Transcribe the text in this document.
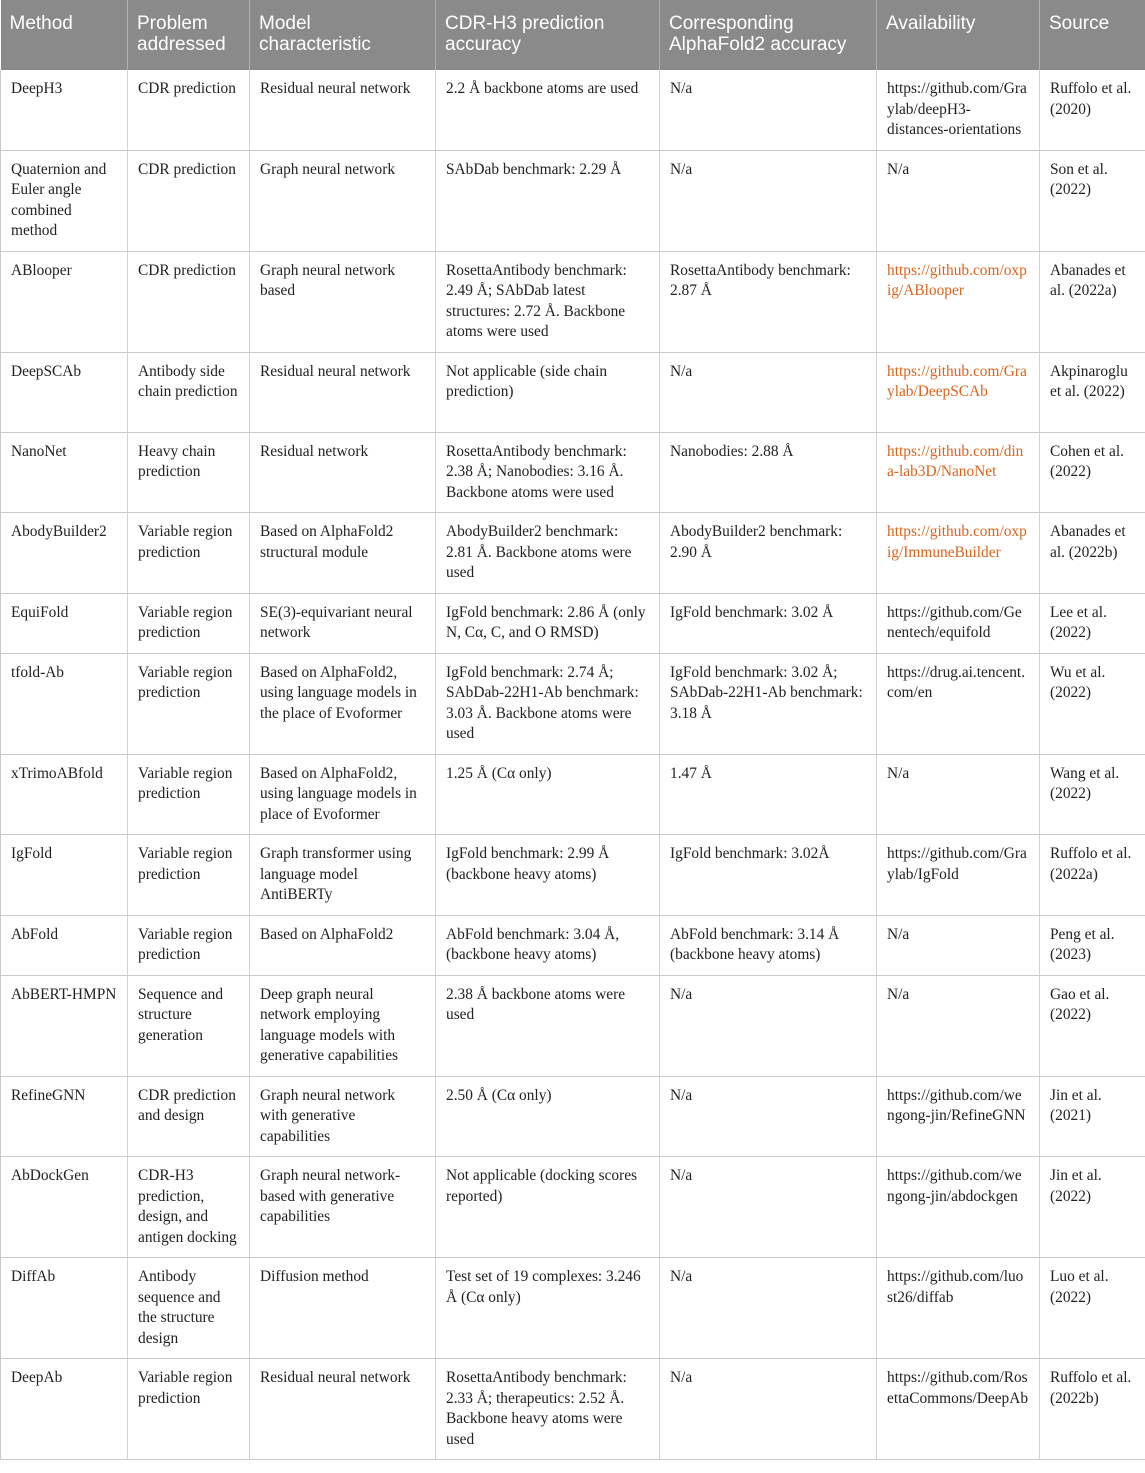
Method	Problem addressed	Model characteristic	CDR-H3 prediction accuracy	Corresponding AlphaFold2 accuracy	Availability	Source
DeepH3	CDR prediction	Residual neural network	2.2 Å backbone atoms are used	N/a	https://github.com/Graylab/deepH3-distances-orientations	Ruffolo et al. (2020)
Quaternion and Euler angle combined method	CDR prediction	Graph neural network	SAbDab benchmark: 2.29 Å	N/a	N/a	Son et al. (2022)
ABlooper	CDR prediction	Graph neural network based	RosettaAntibody benchmark: 2.49 Å; SAbDab latest structures: 2.72 Å. Backbone atoms were used	RosettaAntibody benchmark: 2.87 Å	https://github.com/oxpig/ABlooper	Abanades et al. (2022a)
DeepSCAb	Antibody side chain prediction	Residual neural network	Not applicable (side chain prediction)	N/a	https://github.com/Graylab/DeepSCAb	Akpinaroglu et al. (2022)
NanoNet	Heavy chain prediction	Residual network	RosettaAntibody benchmark: 2.38 Å; Nanobodies: 3.16 Å. Backbone atoms were used	Nanobodies: 2.88 Å	https://github.com/dina-lab3D/NanoNet	Cohen et al. (2022)
AbodyBuilder2	Variable region prediction	Based on AlphaFold2 structural module	AbodyBuilder2 benchmark: 2.81 Å. Backbone atoms were used	AbodyBuilder2 benchmark: 2.90 Å	https://github.com/oxpig/ImmuneBuilder	Abanades et al. (2022b)
EquiFold	Variable region prediction	SE(3)-equivariant neural network	IgFold benchmark: 2.86 Å (only N, Cα, C, and O RMSD)	IgFold benchmark: 3.02 Å	https://github.com/Genentech/equifold	Lee et al. (2022)
tfold-Ab	Variable region prediction	Based on AlphaFold2, using language models in the place of Evoformer	IgFold benchmark: 2.74 Å; SAbDab-22H1-Ab benchmark: 3.03 Å. Backbone atoms were used	IgFold benchmark: 3.02 Å; SAbDab-22H1-Ab benchmark: 3.18 Å	https://drug.ai.tencent.com/en	Wu et al. (2022)
xTrimoABfold	Variable region prediction	Based on AlphaFold2, using language models in place of Evoformer	1.25 Å (Cα only)	1.47 Å	N/a	Wang et al. (2022)
IgFold	Variable region prediction	Graph transformer using language model AntiBERTy	IgFold benchmark: 2.99 Å (backbone heavy atoms)	IgFold benchmark: 3.02Å	https://github.com/Graylab/IgFold	Ruffolo et al. (2022a)
AbFold	Variable region prediction	Based on AlphaFold2	AbFold benchmark: 3.04 Å, (backbone heavy atoms)	AbFold benchmark: 3.14 Å (backbone heavy atoms)	N/a	Peng et al. (2023)
AbBERT-HMPN	Sequence and structure generation	Deep graph neural network employing language models with generative capabilities	2.38 Å backbone atoms were used	N/a	N/a	Gao et al. (2022)
RefineGNN	CDR prediction and design	Graph neural network with generative capabilities	2.50 Å (Cα only)	N/a	https://github.com/wengong-jin/RefineGNN	Jin et al. (2021)
AbDockGen	CDR-H3 prediction, design, and antigen docking	Graph neural network-based with generative capabilities	Not applicable (docking scores reported)	N/a	https://github.com/wengong-jin/abdockgen	Jin et al. (2022)
DiffAb	Antibody sequence and the structure design	Diffusion method	Test set of 19 complexes: 3.246 Å (Cα only)	N/a	https://github.com/luost26/diffab	Luo et al. (2022)
DeepAb	Variable region prediction	Residual neural network	RosettaAntibody benchmark: 2.33 Å; therapeutics: 2.52 Å. Backbone heavy atoms were used	N/a	https://github.com/RosettaCommons/DeepAb	Ruffolo et al. (2022b)
